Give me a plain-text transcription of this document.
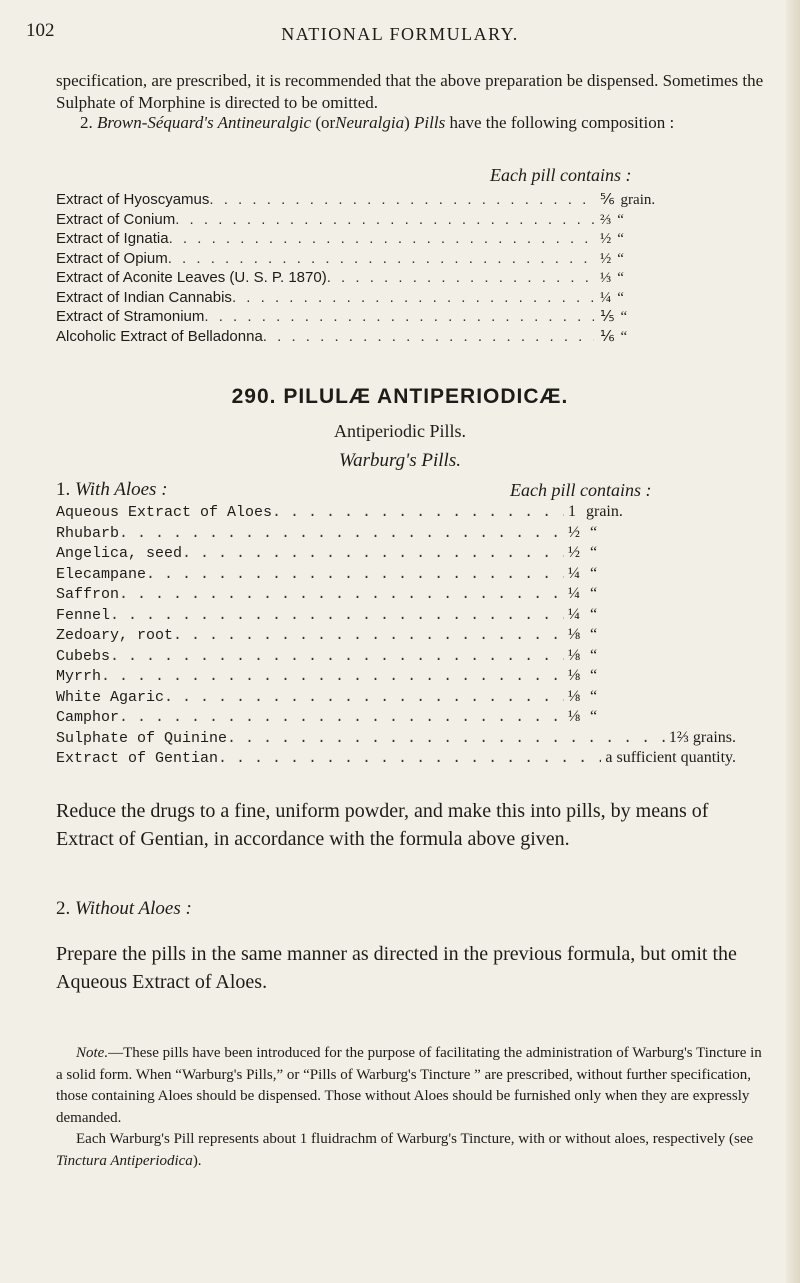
102	NATIONAL FORMULARY.

specification, are prescribed, it is recommended that the above preparation be dispensed. Sometimes the Sulphate of Morphine is directed to be omitted.

2. Brown-Séquard's Antineuralgic (orNeuralgia) Pills have the following composition :
Each pill contains :
Extract of Hyoscyamus . . .	⅚ grain.
Extract of Conium . . .	⅔ “
Extract of Ignatia . . .	½ “
Extract of Opium . . .	½ “
Extract of Aconite Leaves (U. S. P. 1870) . . .	⅓ “
Extract of Indian Cannabis . . .	¼ “
Extract of Stramonium . . .	⅕ “
Alcoholic Extract of Belladonna . . .	⅙ “
290. PILULÆ ANTIPERIODICÆ.
Antiperiodic Pills.
Warburg's Pills.
1. With Aloes :	Each pill contains :
Aqueous Extract of Aloes . . .	1 grain.
Rhubarb . . .	½ “
Angelica, seed . . .	½ “
Elecampane . . .	¼ “
Saffron . . .	¼ “
Fennel . . .	¼ “
Zedoary, root . . .	⅛ “
Cubebs . . .	⅛ “
Myrrh . . .	⅛ “
White Agaric . . .	⅛ “
Camphor . . .	⅛ “
Sulphate of Quinine . . .	1⅔ grains.
Extract of Gentian . . .	a sufficient quantity.
Reduce the drugs to a fine, uniform powder, and make this into pills, by means of Extract of Gentian, in accordance with the formula above given.
2. Without Aloes :
Prepare the pills in the same manner as directed in the previous formula, but omit the Aqueous Extract of Aloes.

Note.—These pills have been introduced for the purpose of facilitating the administration of Warburg's Tincture in a solid form. When “Warburg's Pills,” or “Pills of Warburg's Tincture ” are prescribed, without further specification, those containing Aloes should be dispensed. Those without Aloes should be furnished only when they are expressly demanded.

Each Warburg's Pill represents about 1 fluidrachm of Warburg's Tincture, with or without aloes, respectively (see Tinctura Antiperiodica).
